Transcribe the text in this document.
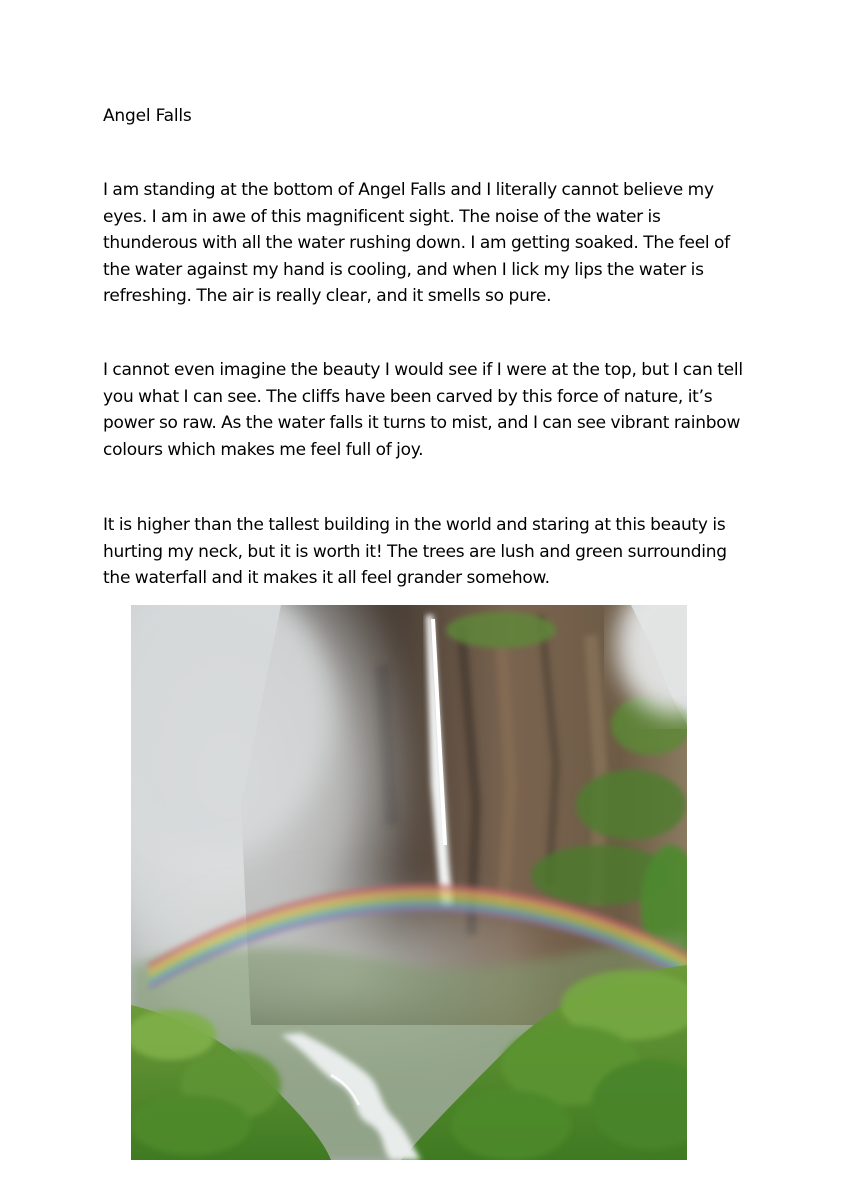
Angel Falls

I am standing at the bottom of Angel Falls and I literally cannot believe my
eyes. I am in awe of this magnificent sight. The noise of the water is
thunderous with all the water rushing down. I am getting soaked. The feel of
the water against my hand is cooling, and when I lick my lips the water is
refreshing. The air is really clear, and it smells so pure.

I cannot even imagine the beauty I would see if I were at the top, but I can tell
you what I can see. The cliffs have been carved by this force of nature, it’s
power so raw. As the water falls it turns to mist, and I can see vibrant rainbow
colours which makes me feel full of joy.

It is higher than the tallest building in the world and staring at this beauty is
hurting my neck, but it is worth it! The trees are lush and green surrounding
the waterfall and it makes it all feel grander somehow.
